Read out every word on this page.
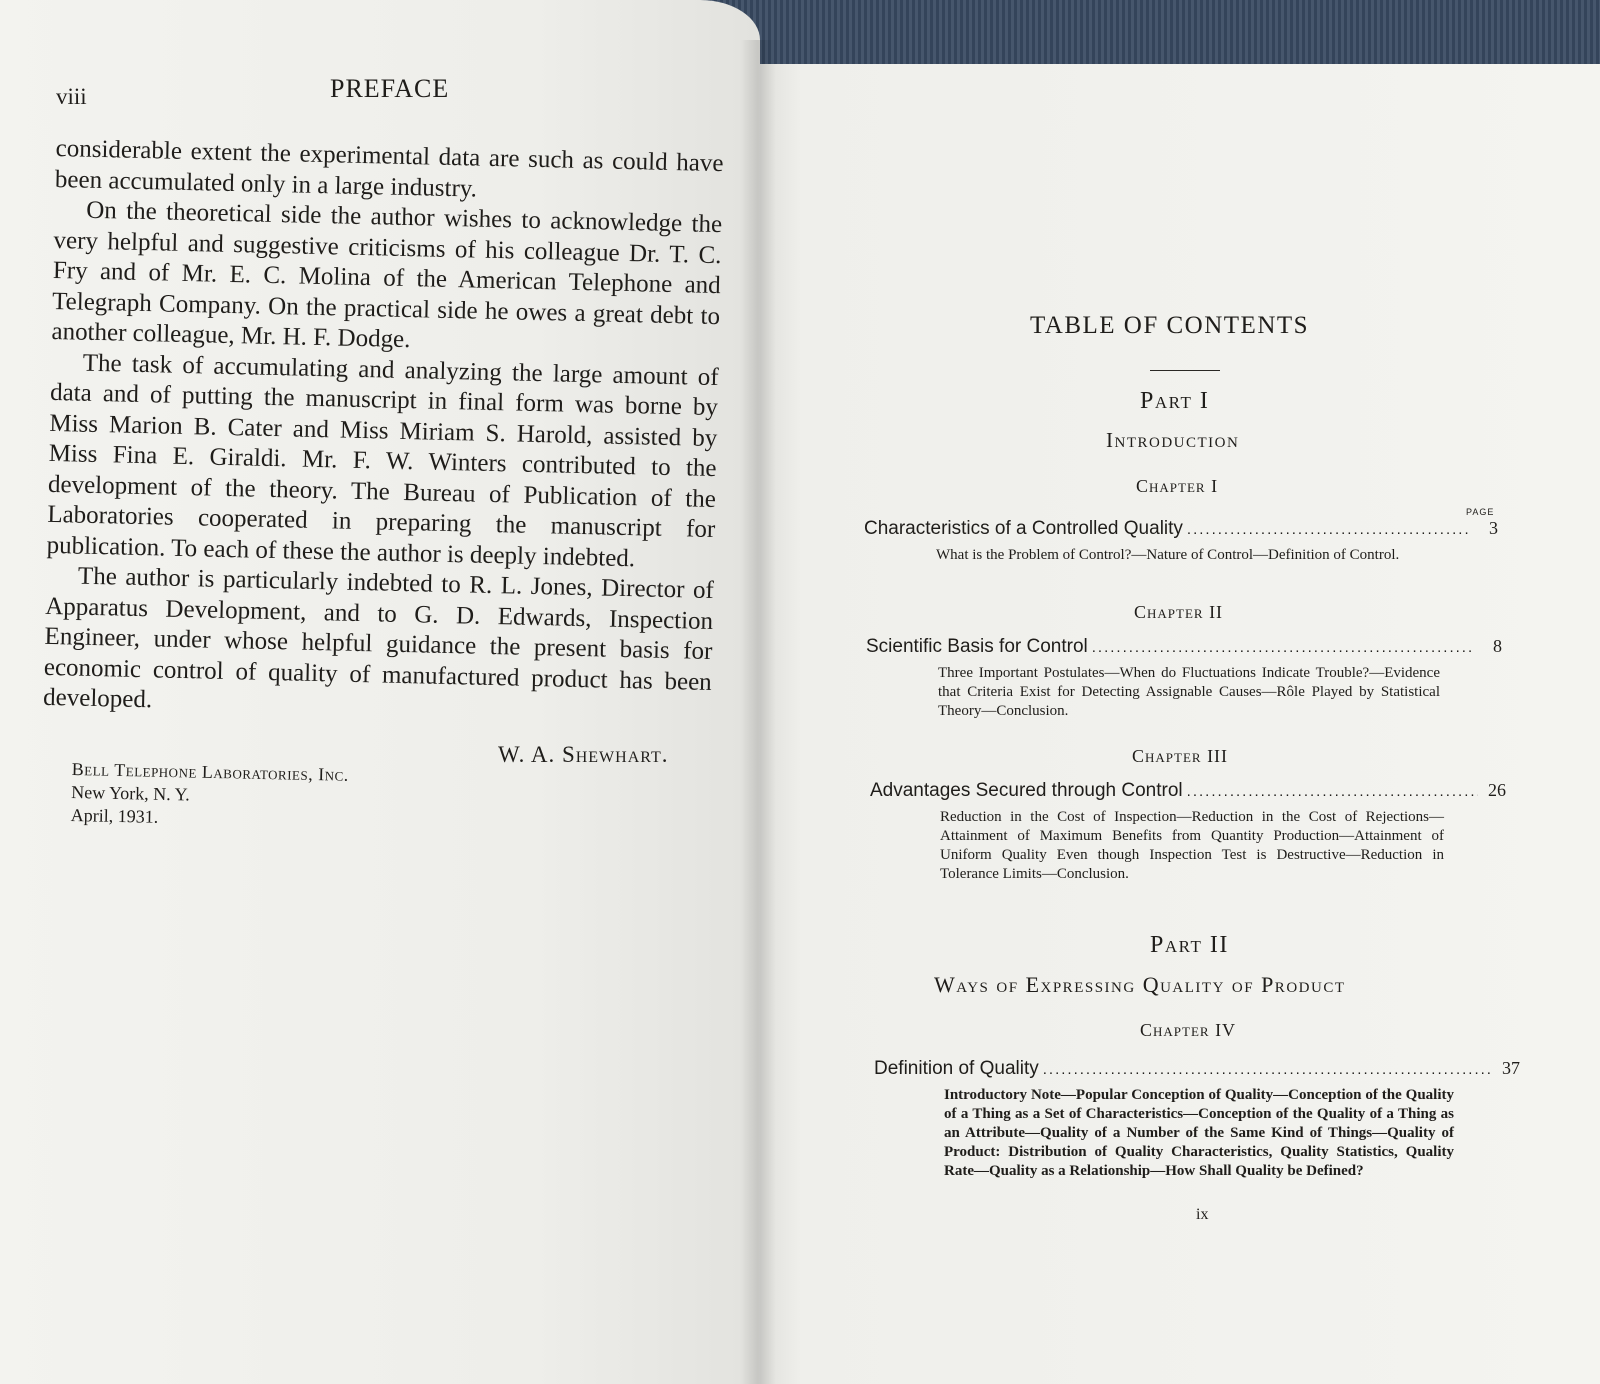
viii	PREFACE

considerable extent the experimental data are such as could have been accumulated only in a large industry.

On the theoretical side the author wishes to acknowledge the very helpful and suggestive criticisms of his colleague Dr. T. C. Fry and of Mr. E. C. Molina of the American Telephone and Telegraph Company. On the practical side he owes a great debt to another colleague, Mr. H. F. Dodge.

The task of accumulating and analyzing the large amount of data and of putting the manuscript in final form was borne by Miss Marion B. Cater and Miss Miriam S. Harold, assisted by Miss Fina E. Giraldi. Mr. F. W. Winters contributed to the development of the theory. The Bureau of Publication of the Laboratories cooperated in preparing the manuscript for publication. To each of these the author is deeply indebted.

The author is particularly indebted to R. L. Jones, Director of Apparatus Development, and to G. D. Edwards, Inspection Engineer, under whose helpful guidance the present basis for economic control of quality of manufactured product has been developed.

W. A. Shewhart.
Bell Telephone Laboratories, Inc.
New York, N. Y.
April, 1931.
TABLE OF CONTENTS
Part I
Introduction
Chapter I
PAGE
Characteristics of a Controlled Quality .....	3
What is the Problem of Control?—Nature of Control—Definition of Control.
Chapter II
Scientific Basis for Control .....	8
Three Important Postulates—When do Fluctuations Indicate Trouble?—Evidence that Criteria Exist for Detecting Assignable Causes—Rôle Played by Statistical Theory—Conclusion.
Chapter III
Advantages Secured through Control .....	26
Reduction in the Cost of Inspection—Reduction in the Cost of Rejections—Attainment of Maximum Benefits from Quantity Production—Attainment of Uniform Quality Even though Inspection Test is Destructive—Reduction in Tolerance Limits—Conclusion.
Part II
Ways of Expressing Quality of Product
Chapter IV
Definition of Quality .....	37
Introductory Note—Popular Conception of Quality—Conception of the Quality of a Thing as a Set of Characteristics—Conception of the Quality of a Thing as an Attribute—Quality of a Number of the Same Kind of Things—Quality of Product: Distribution of Quality Characteristics, Quality Statistics, Quality Rate—Quality as a Relationship—How Shall Quality be Defined?
ix
